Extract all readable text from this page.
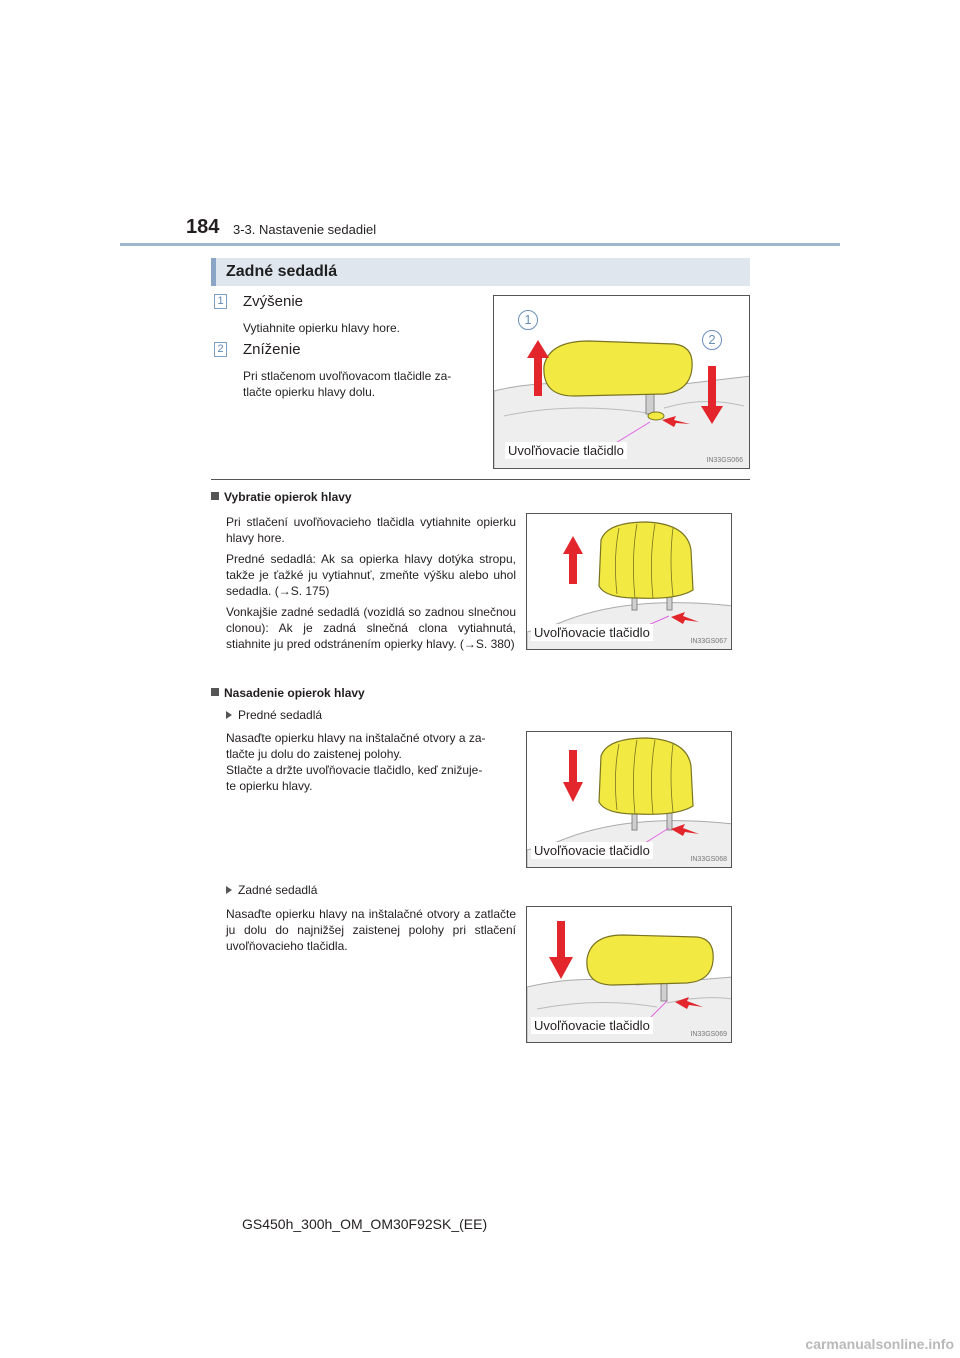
184 3-3. Nastavenie sedadiel
Zadné sedadlá
1 Zvýšenie
Vytiahnite opierku hlavy hore.
2 Zníženie
Pri stlačenom uvoľňovacom tlačidle za-
tlačte opierku hlavy dolu.
1
2
Uvoľňovacie tlačidlo
IN33GS066
Vybratie opierok hlavy

Pri stlačení uvoľňovacieho tlačidla vytiahnite opierku hlavy hore.

Predné sedadlá: Ak sa opierka hlavy dotýka stropu, takže je ťažké ju vytiahnuť, zmeňte výšku alebo uhol sedadla. (→S. 175)

Vonkajšie zadné sedadlá (vozidlá so zadnou slnečnou clonou): Ak je zadná slnečná clona vytiahnutá, stiahnite ju pred odstránením opierky hlavy. (→S. 380)

Uvoľňovacie tlačidlo
IN33GS067
Nasadenie opierok hlavy
Predné sedadlá
Nasaďte opierku hlavy na inštalačné otvory a za-
tlačte ju dolu do zaistenej polohy.
Stlačte a držte uvoľňovacie tlačidlo, keď znižuje-
te opierku hlavy.
Uvoľňovacie tlačidlo
IN33GS068
Zadné sedadlá

Nasaďte opierku hlavy na inštalačné otvory a zatlačte ju dolu do najnižšej zaistenej polohy pri stlačení uvoľňovacieho tlačidla.

Uvoľňovacie tlačidlo
IN33GS069
GS450h_300h_OM_OM30F92SK_(EE)
carmanualsonline.info
